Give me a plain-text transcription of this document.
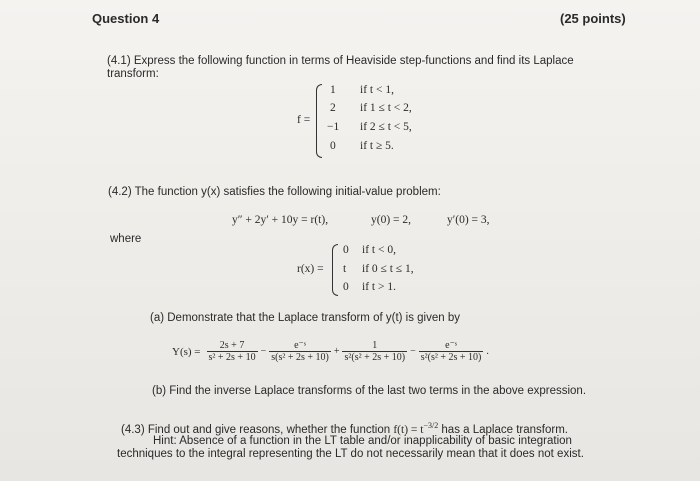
Question 4	(25 points)
(4.1) Express the following function in terms of Heaviside step-functions and find its Laplace
transform:
f =
1 if t < 1,
2 if 1 ≤ t < 2,
−1 if 2 ≤ t < 5,
0 if t ≥ 5.
(4.2) The function y(x) satisfies the following initial-value problem:
y″ + 2y′ + 10y = r(t),	y(0) = 2,	y′(0) = 3,
where
r(x) =
0 if t < 0,
t if 0 ≤ t ≤ 1,
0 if t > 1.
(a) Demonstrate that the Laplace transform of y(t) is given by
$Y(s) = \frac{2s + 7}{\text{s² + 2s + 10}} - \frac{\text{e⁻ˢ}}{\text{s(s² + 2s + 10)}} + \frac{1}{\text{s²(s² + 2s + 10)}} - \frac{\text{e⁻ˢ}}{\text{s²(s² + 2s + 10)}}$ .
(b) Find the inverse Laplace transforms of the last two terms in the above expression.
(4.3) Find out and give reasons, whether the function $f(t) = t^{-3/2}$ has a Laplace transform.
Hint: Absence of a function in the LT table and/or inapplicability of basic integration
techniques to the integral representing the LT do not necessarily mean that it does not exist.
